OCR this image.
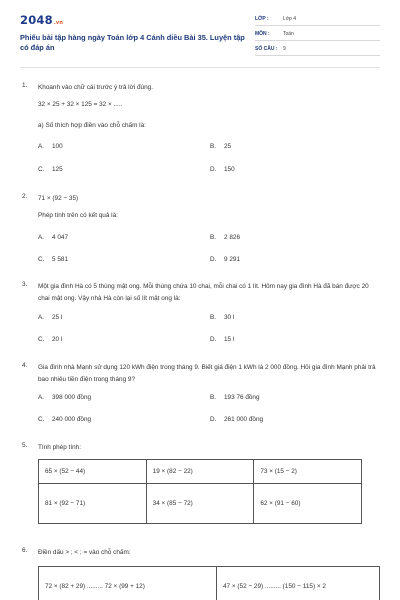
2048.vn
Phiếu bài tập hàng ngày Toán lớp 4 Cánh diều Bài 35. Luyện tập có đáp án
LỚP :	Lớp 4
MÔN :	Toán
SỐ CÂU : 9
1. Khoanh vào chữ cái trước ý trả lời đúng.
32 × 25 + 32 × 125 = 32 × .....
a) Số thích hợp điền vào chỗ chấm là:
A. 100	B. 25
C. 125	D. 150
2. 71 × (92 − 35)
Phép tính trên có kết quả là:
A. 4 047	B. 2 826
C. 5 581	D. 9 291
3. Một gia đình Hà có 5 thùng mật ong. Mỗi thùng chứa 10 chai, mỗi chai có 1 lít. Hôm nay gia đình Hà đã bán được 20 chai mật ong. Vậy nhà Hà còn lại số lít mật ong là:
A. 25 l	B. 30 l
C. 20 l	D. 15 l
4. Gia đình nhà Mạnh sử dụng 120 kWh điện trong tháng 9. Biết giá điện 1 kWh là 2 000 đồng. Hỏi gia đình Mạnh phải trả bao nhiêu tiền điện trong tháng 9?
A. 398 000 đồng	B. 193 76 đồng
C. 240 000 đồng	D. 261 000 đồng
5. Tính phép tính:
65 × (52 − 44)	19 × (82 − 22)	73 × (15 − 2)
81 × (92 − 71)	34 × (85 − 72)	62 × (91 − 60)
6. Điền dấu > ; < ; = vào chỗ chấm:
72 × (82 + 29) ......... 72 × (99 + 12)	47 × (52 − 29) ......... (150 − 115) × 2
